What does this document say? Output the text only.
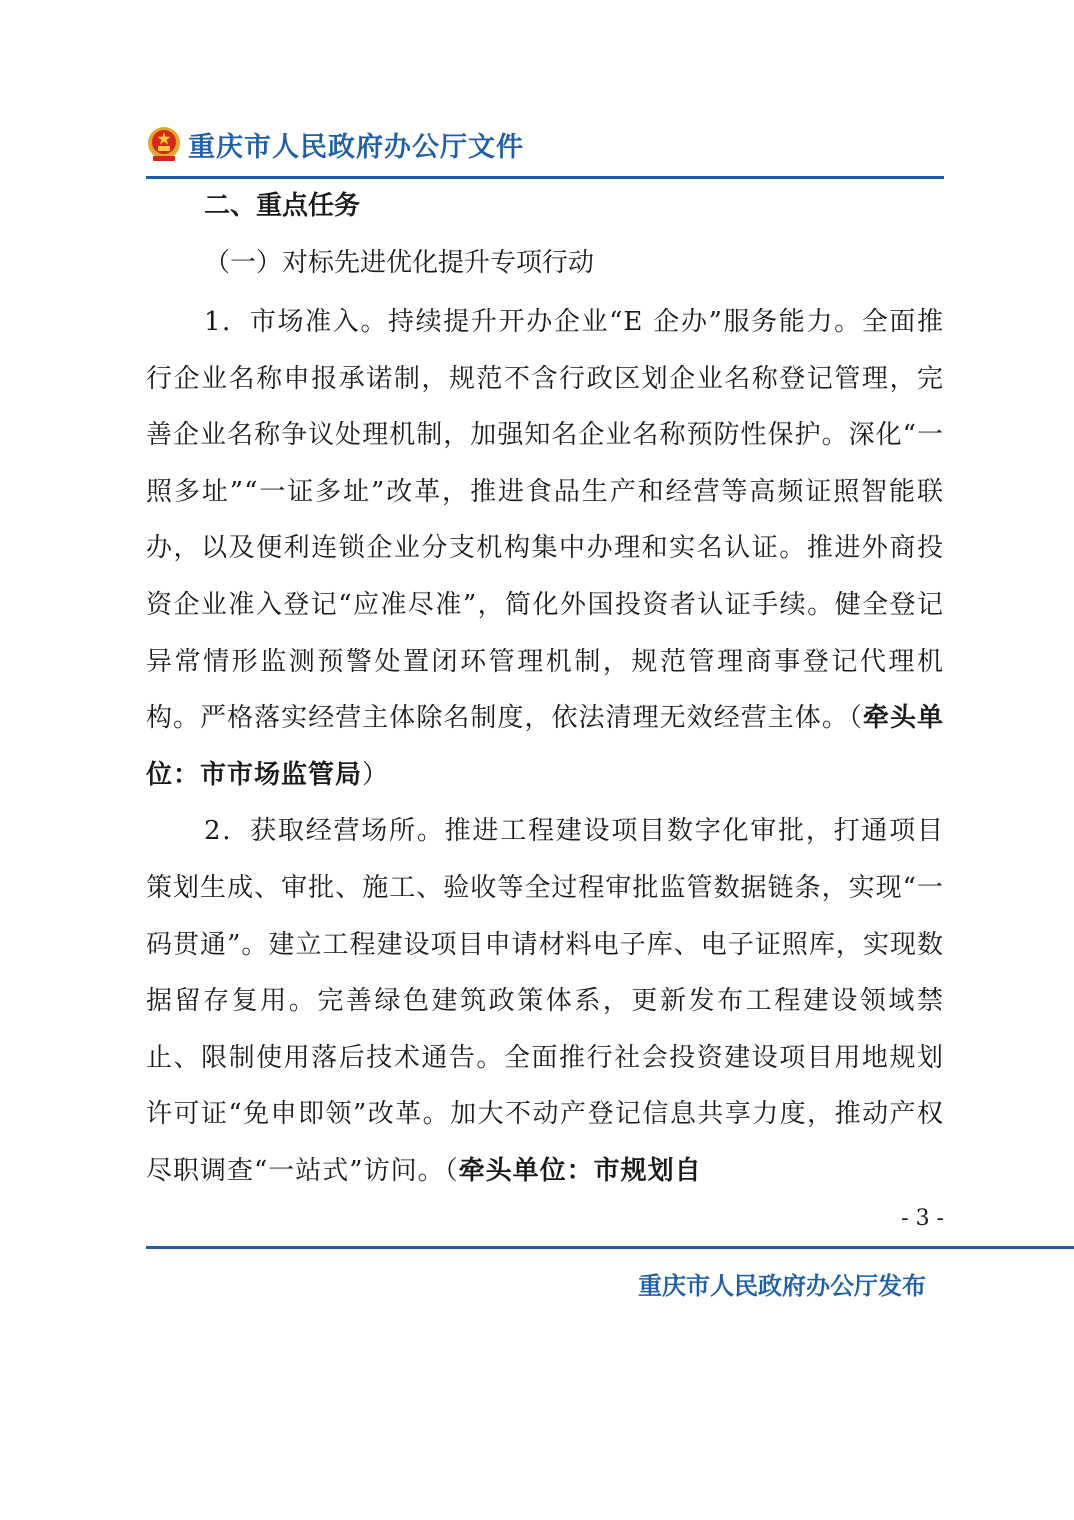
重庆市人民政府办公厅文件

二、重点任务

（一）对标先进优化提升专项行动

1．市场准入。持续提升开办企业“E 企办”服务能力。全面推行企业名称申报承诺制，规范不含行政区划企业名称登记管理，完善企业名称争议处理机制，加强知名企业名称预防性保护。深化“一照多址”“一证多址”改革，推进食品生产和经营等高频证照智能联办，以及便利连锁企业分支机构集中办理和实名认证。推进外商投资企业准入登记“应准尽准”，简化外国投资者认证手续。健全登记异常情形监测预警处置闭环管理机制，规范管理商事登记代理机构。严格落实经营主体除名制度，依法清理无效经营主体。（牵头单位：市市场监管局）

2．获取经营场所。推进工程建设项目数字化审批，打通项目策划生成、审批、施工、验收等全过程审批监管数据链条，实现“一码贯通”。建立工程建设项目申请材料电子库、电子证照库，实现数据留存复用。完善绿色建筑政策体系，更新发布工程建设领域禁止、限制使用落后技术通告。全面推行社会投资建设项目用地规划许可证“免申即领”改革。加大不动产登记信息共享力度，推动产权尽职调查“一站式”访问。（牵头单位：市规划自

- 3 -
重庆市人民政府办公厅发布
